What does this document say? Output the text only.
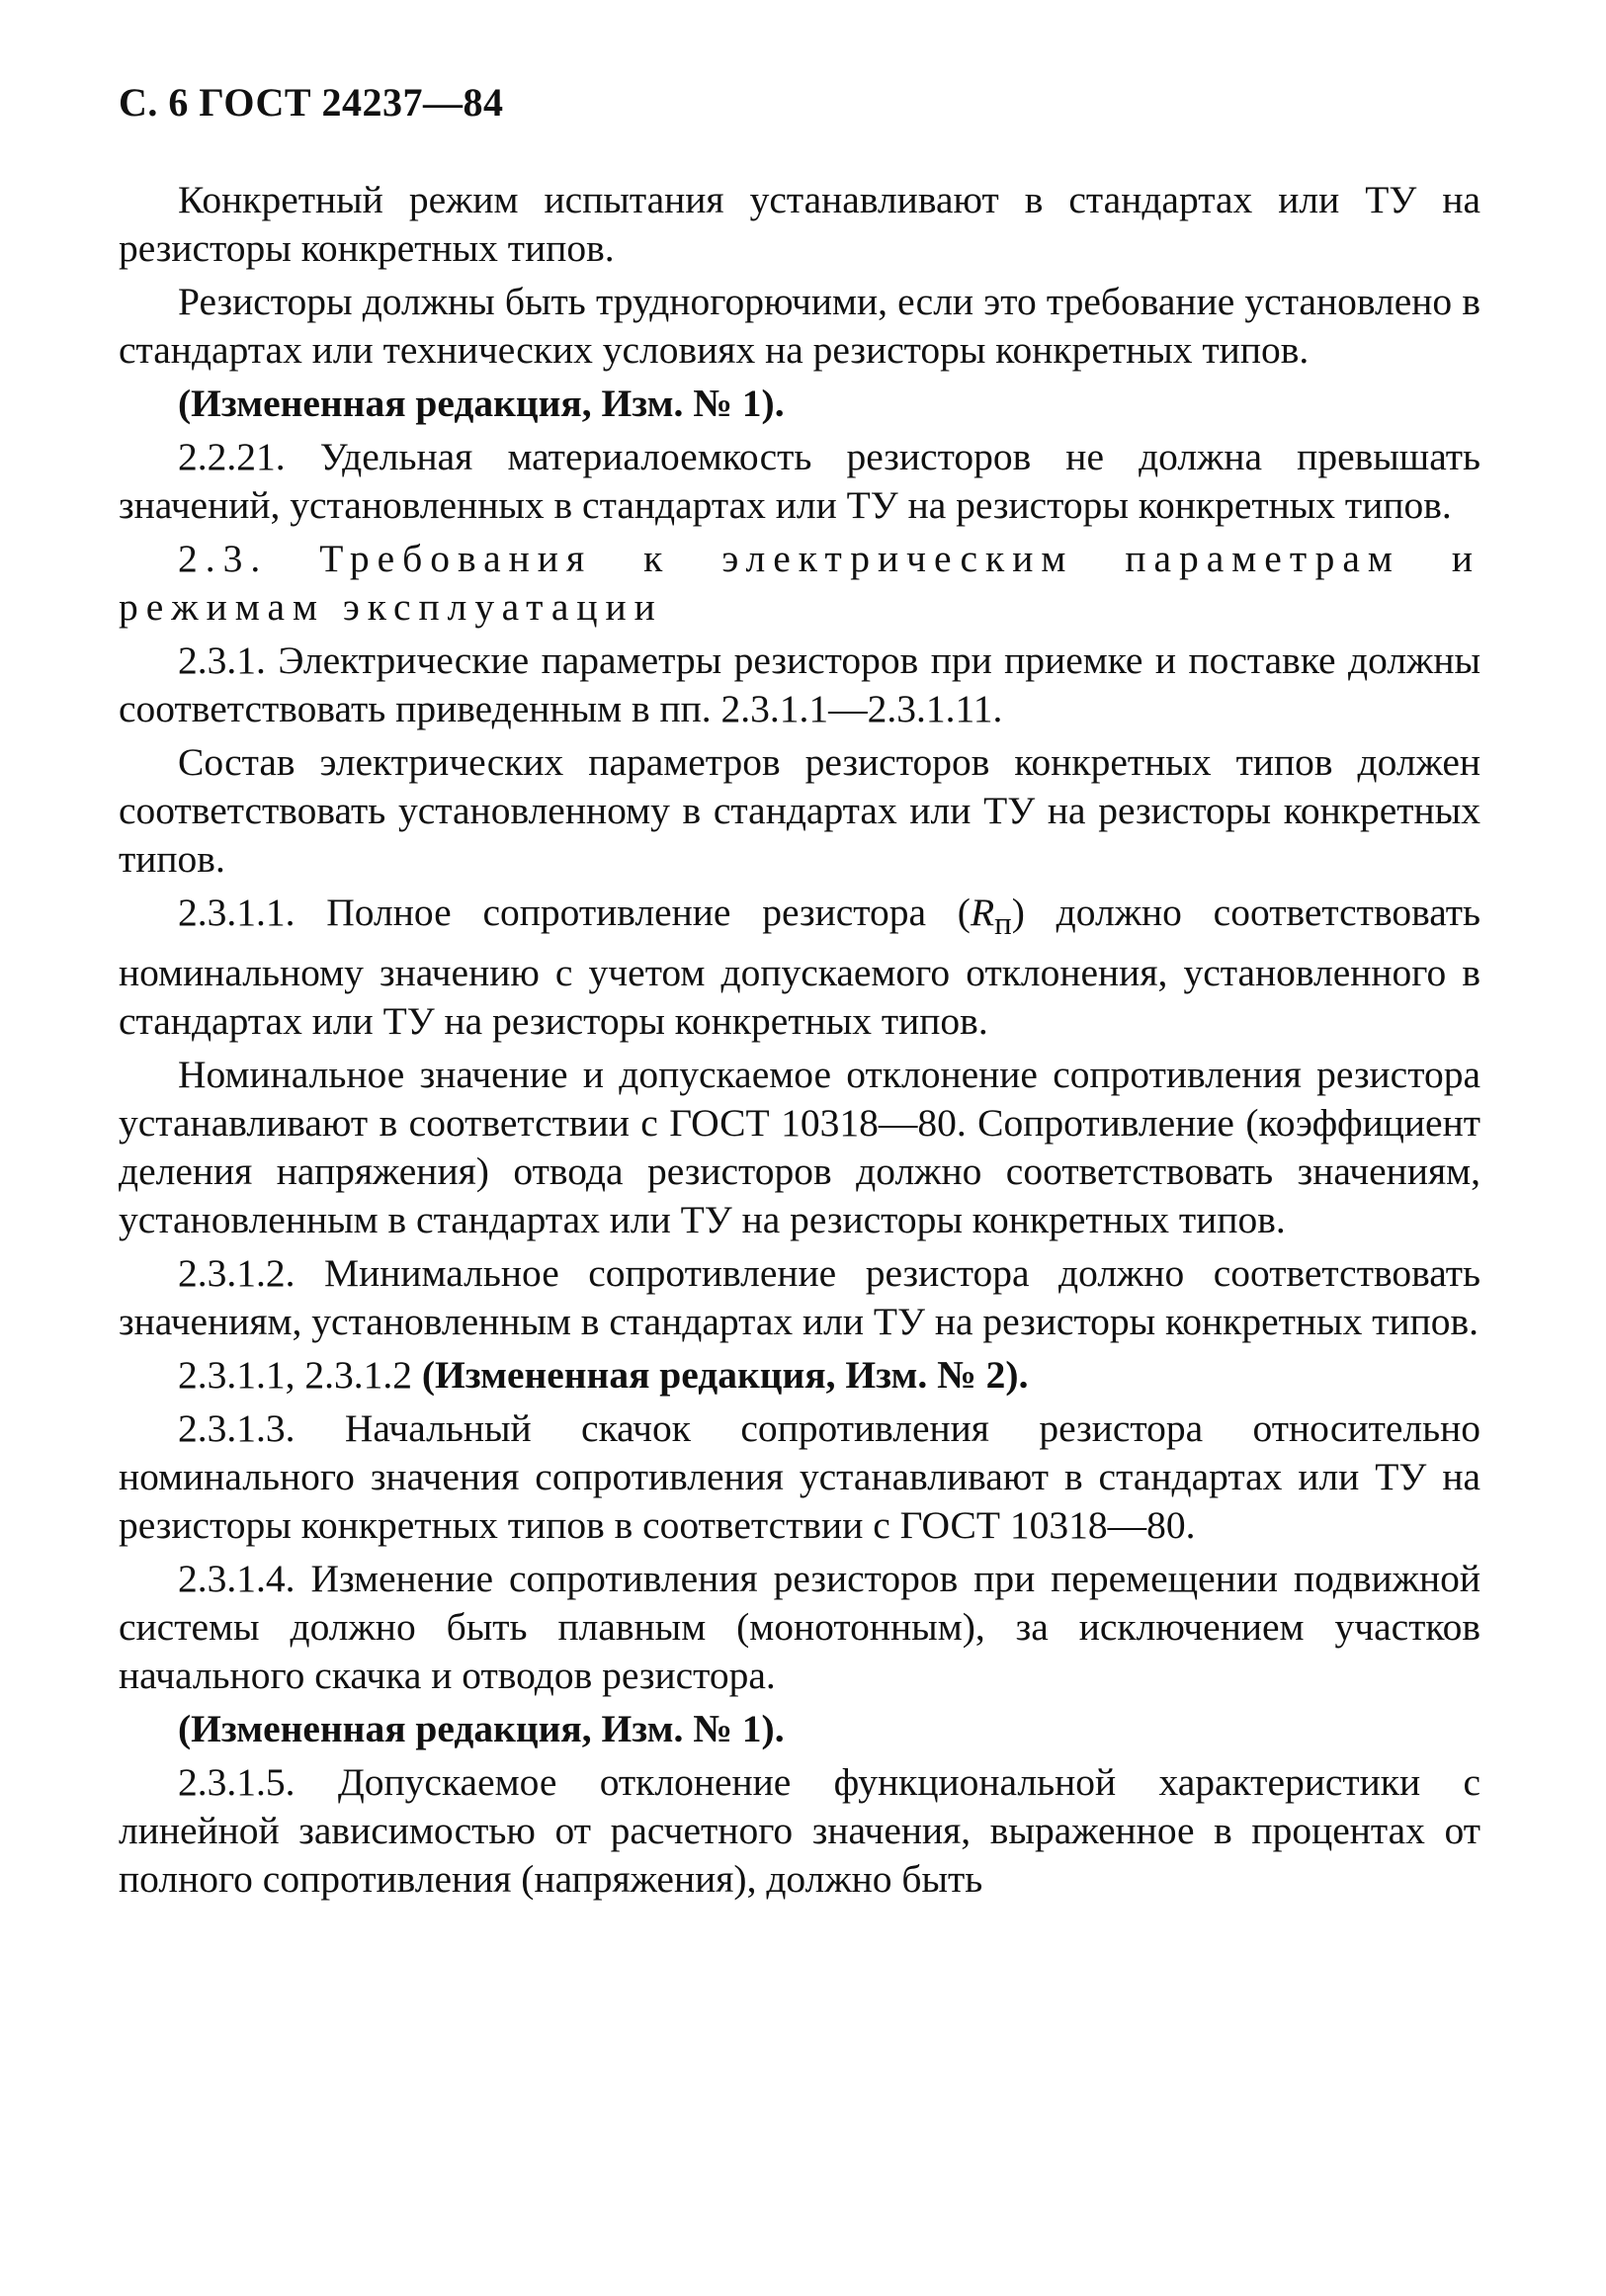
С. 6 ГОСТ 24237—84

Конкретный режим испытания устанавливают в стандартах или ТУ на резисторы конкретных типов.

Резисторы должны быть трудногорючими, если это требование установлено в стандартах или технических условиях на резисторы конкретных типов.

(Измененная редакция, Изм. № 1).

2.2.21. Удельная материалоемкость резисторов не должна превышать значений, установленных в стандартах или ТУ на резисторы конкретных типов.

2.3. Требования к электрическим параметрам и режимам эксплуатации

2.3.1. Электрические параметры резисторов при приемке и поставке должны соответствовать приведенным в пп. 2.3.1.1—2.3.1.11.

Состав электрических параметров резисторов конкретных типов должен соответствовать установленному в стандартах или ТУ на резисторы конкретных типов.

2.3.1.1. Полное сопротивление резистора $(R_п)$ должно соответствовать номинальному значению с учетом допускаемого отклонения, установленного в стандартах или ТУ на резисторы конкретных типов.

Номинальное значение и допускаемое отклонение сопротивления резистора устанавливают в соответствии с ГОСТ 10318—80. Сопротивление (коэффициент деления напряжения) отвода резисторов должно соответствовать значениям, установленным в стандартах или ТУ на резисторы конкретных типов.

2.3.1.2. Минимальное сопротивление резистора должно соответствовать значениям, установленным в стандартах или ТУ на резисторы конкретных типов.

2.3.1.1, 2.3.1.2 (Измененная редакция, Изм. № 2).

2.3.1.3. Начальный скачок сопротивления резистора относительно номинального значения сопротивления устанавливают в стандартах или ТУ на резисторы конкретных типов в соответствии с ГОСТ 10318—80.

2.3.1.4. Изменение сопротивления резисторов при перемещении подвижной системы должно быть плавным (монотонным), за исключением участков начального скачка и отводов резистора.

(Измененная редакция, Изм. № 1).

2.3.1.5. Допускаемое отклонение функциональной характеристики с линейной зависимостью от расчетного значения, выраженное в процентах от полного сопротивления (напряжения), должно быть
